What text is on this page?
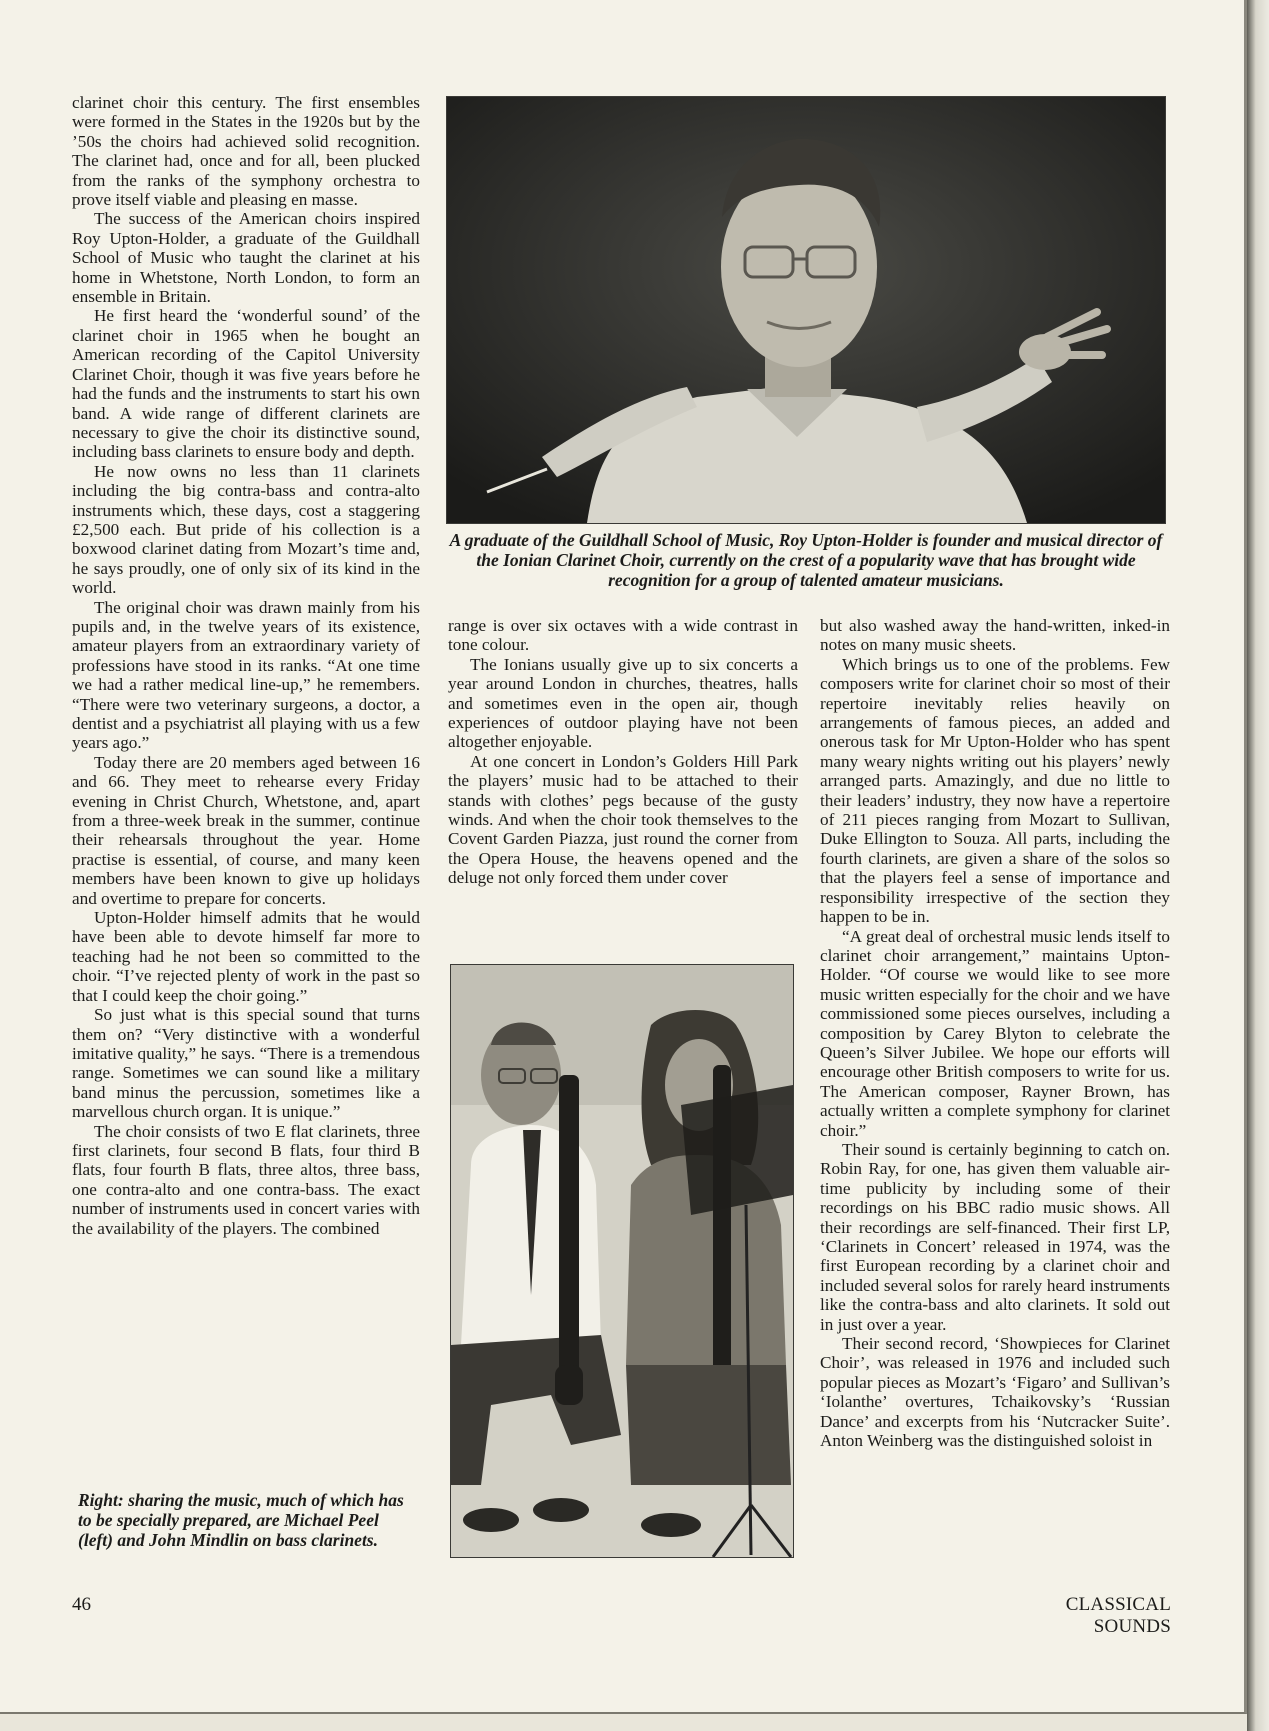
clarinet choir this century. The first ensembles were formed in the States in the 1920s but by the ’50s the choirs had achieved solid recognition. The clarinet had, once and for all, been plucked from the ranks of the symphony orchestra to prove itself viable and pleasing en masse.

The success of the American choirs inspired Roy Upton-Holder, a graduate of the Guildhall School of Music who taught the clarinet at his home in Whetstone, North London, to form an ensemble in Britain.

He first heard the ‘wonderful sound’ of the clarinet choir in 1965 when he bought an American recording of the Capitol University Clarinet Choir, though it was five years before he had the funds and the instruments to start his own band. A wide range of different clarinets are necessary to give the choir its distinctive sound, including bass clarinets to ensure body and depth.

He now owns no less than 11 clarinets including the big contra-bass and contra-alto instruments which, these days, cost a staggering £2,500 each. But pride of his collection is a boxwood clarinet dating from Mozart’s time and, he says proudly, one of only six of its kind in the world.

The original choir was drawn mainly from his pupils and, in the twelve years of its existence, amateur players from an extraordinary variety of professions have stood in its ranks. “At one time we had a rather medical line-up,” he remembers. “There were two veterinary surgeons, a doctor, a dentist and a psychiatrist all playing with us a few years ago.”

Today there are 20 members aged between 16 and 66. They meet to rehearse every Friday evening in Christ Church, Whetstone, and, apart from a three-week break in the summer, continue their rehearsals throughout the year. Home practise is essential, of course, and many keen members have been known to give up holidays and overtime to prepare for concerts.

Upton-Holder himself admits that he would have been able to devote himself far more to teaching had he not been so committed to the choir. “I’ve rejected plenty of work in the past so that I could keep the choir going.”

So just what is this special sound that turns them on? “Very distinctive with a wonderful imitative quality,” he says. “There is a tremendous range. Sometimes we can sound like a military band minus the percussion, sometimes like a marvellous church organ. It is unique.”

The choir consists of two E flat clarinets, three first clarinets, four second B flats, four third B flats, four fourth B flats, three altos, three bass, one contra-alto and one contra-bass. The exact number of instruments used in concert varies with the availability of the players. The combined

A graduate of the Guildhall School of Music, Roy Upton-Holder is founder and musical director of the Ionian Clarinet Choir, currently on the crest of a popularity wave that has brought wide recognition for a group of talented amateur musicians.

range is over six octaves with a wide contrast in tone colour.

The Ionians usually give up to six concerts a year around London in churches, theatres, halls and sometimes even in the open air, though experiences of outdoor playing have not been altogether enjoyable.

At one concert in London’s Golders Hill Park the players’ music had to be attached to their stands with clothes’ pegs because of the gusty winds. And when the choir took themselves to the Covent Garden Piazza, just round the corner from the Opera House, the heavens opened and the deluge not only forced them under cover

but also washed away the hand-written, inked-in notes on many music sheets.

Which brings us to one of the problems. Few composers write for clarinet choir so most of their repertoire inevitably relies heavily on arrangements of famous pieces, an added and onerous task for Mr Upton-Holder who has spent many weary nights writing out his players’ newly arranged parts. Amazingly, and due no little to their leaders’ industry, they now have a repertoire of 211 pieces ranging from Mozart to Sullivan, Duke Ellington to Souza. All parts, including the fourth clarinets, are given a share of the solos so that the players feel a sense of importance and responsibility irrespective of the section they happen to be in.

“A great deal of orchestral music lends itself to clarinet choir arrangement,” maintains Upton-Holder. “Of course we would like to see more music written especially for the choir and we have commissioned some pieces ourselves, including a composition by Carey Blyton to celebrate the Queen’s Silver Jubilee. We hope our efforts will encourage other British composers to write for us. The American composer, Rayner Brown, has actually written a complete symphony for clarinet choir.”

Their sound is certainly beginning to catch on. Robin Ray, for one, has given them valuable air-time publicity by including some of their recordings on his BBC radio music shows. All their recordings are self-financed. Their first LP, ‘Clarinets in Concert’ released in 1974, was the first European recording by a clarinet choir and included several solos for rarely heard instruments like the contra-bass and alto clarinets. It sold out in just over a year.

Their second record, ‘Showpieces for Clarinet Choir’, was released in 1976 and included such popular pieces as Mozart’s ‘Figaro’ and Sullivan’s ‘Iolanthe’ overtures, Tchaikovsky’s ‘Russian Dance’ and excerpts from his ‘Nutcracker Suite’. Anton Weinberg was the distinguished soloist in

Right: sharing the music, much of which has to be specially prepared, are Michael Peel (left) and John Mindlin on bass clarinets.
46	CLASSICAL SOUNDS
